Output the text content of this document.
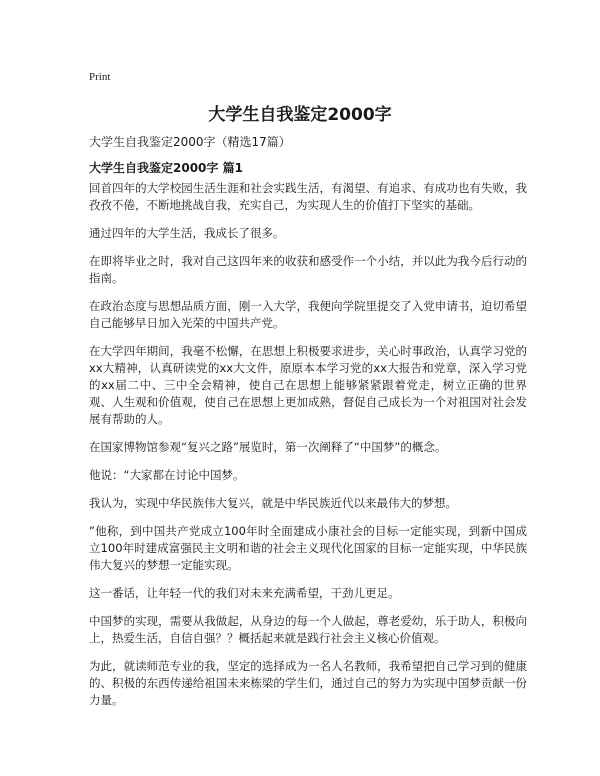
Print
大学生自我鉴定2000字

大学生自我鉴定2000字（精选17篇）

大学生自我鉴定2000字 篇1

回首四年的大学校园生活生涯和社会实践生活，有渴望、有追求、有成功也有失败，我孜孜不倦，不断地挑战自我，充实自己，为实现人生的价值打下坚实的基础。

通过四年的大学生活，我成长了很多。

在即将毕业之时，我对自己这四年来的收获和感受作一个小结，并以此为我今后行动的指南。

在政治态度与思想品质方面，刚一入大学，我便向学院里提交了入党申请书，迫切希望自己能够早日加入光荣的中国共产党。

在大学四年期间，我毫不松懈，在思想上积极要求进步，关心时事政治，认真学习党的xx大精神，认真研读党的xx大文件，原原本本学习党的xx大报告和党章，深入学习党的xx届二中、三中全会精神，使自己在思想上能够紧紧跟着党走，树立正确的世界观、人生观和价值观，使自己在思想上更加成熟，督促自己成长为一个对祖国对社会发展有帮助的人。

在国家博物馆参观“复兴之路”展览时，第一次阐释了“中国梦”的概念。

他说：“大家都在讨论中国梦。

我认为，实现中华民族伟大复兴，就是中华民族近代以来最伟大的梦想。

”他称，到中国共产党成立100年时全面建成小康社会的目标一定能实现，到新中国成立100年时建成富强民主文明和谐的社会主义现代化国家的目标一定能实现，中华民族伟大复兴的梦想一定能实现。

这一番话，让年轻一代的我们对未来充满希望，干劲儿更足。

中国梦的实现，需要从我做起，从身边的每一个人做起，尊老爱幼，乐于助人，积极向上，热爱生活，自信自强？？概括起来就是践行社会主义核心价值观。

为此，就读师范专业的我，坚定的选择成为一名人名教师，我希望把自己学习到的健康的、积极的东西传递给祖国未来栋梁的学生们，通过自己的努力为实现中国梦贡献一份力量。
